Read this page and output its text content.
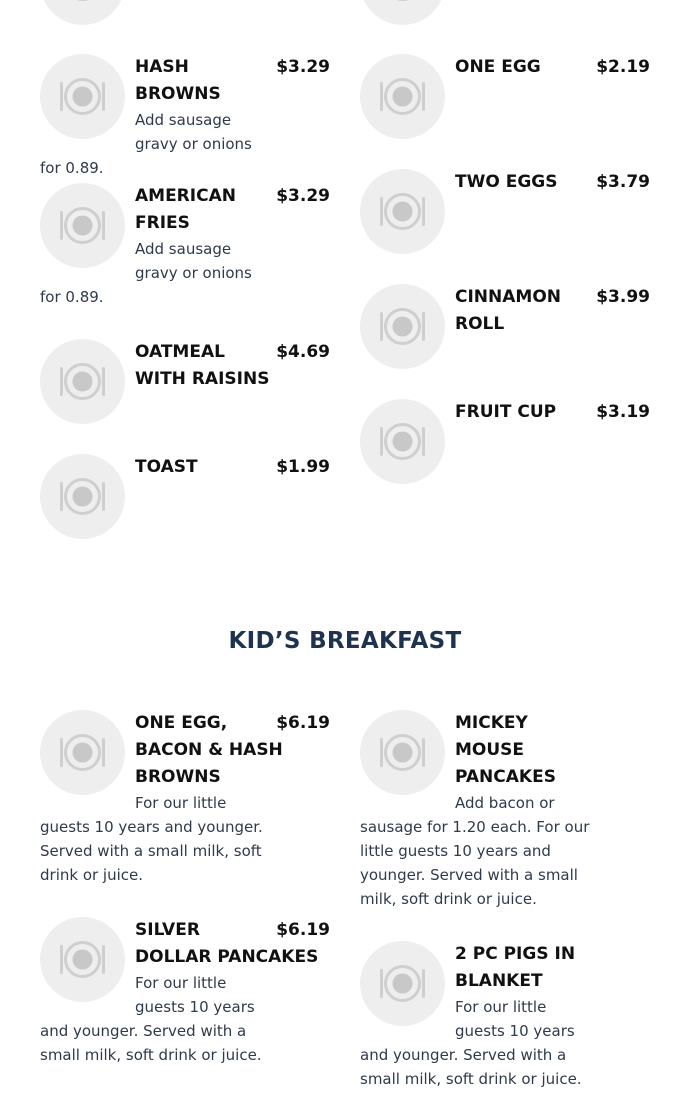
$3.29
HASH BROWNS
Add sausage gravy or onions for 0.89.
$3.29
AMERICAN FRIES
Add sausage gravy or onions for 0.89.
$4.69
OATMEAL WITH RAISINS
$1.99
TOAST
$2.19
ONE EGG
$3.79
TWO EGGS
$3.99
CINNAMON ROLL
$3.19
FRUIT CUP
KID’S BREAKFAST
$6.19
ONE EGG, BACON & HASH BROWNS
For our little guests 10 years and younger. Served with a small milk, soft drink or juice.
$6.19
SILVER DOLLAR PANCAKES
For our little guests 10 years and younger. Served with a small milk, soft drink or juice.
MICKEY MOUSE PANCAKES
Add bacon or sausage for 1.20 each. For our little guests 10 years and younger. Served with a small milk, soft drink or juice.
2 PC PIGS IN BLANKET
For our little guests 10 years and younger. Served with a small milk, soft drink or juice.
